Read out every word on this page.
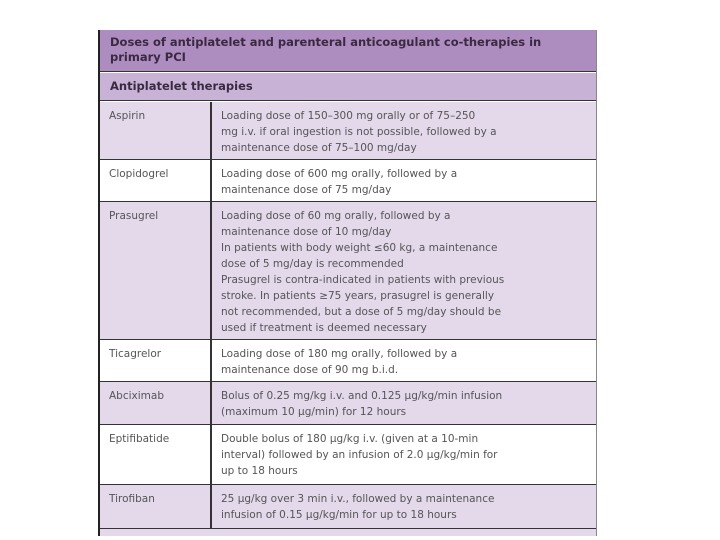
Doses of antiplatelet and parenteral anticoagulant co-therapies in primary PCI
Antiplatelet therapies
Aspirin	Loading dose of 150–300 mg orally or of 75–250
mg i.v. if oral ingestion is not possible, followed by a
maintenance dose of 75–100 mg/day
Clopidogrel	Loading dose of 600 mg orally, followed by a
maintenance dose of 75 mg/day
Prasugrel	Loading dose of 60 mg orally, followed by a
maintenance dose of 10 mg/day
In patients with body weight ≤60 kg, a maintenance
dose of 5 mg/day is recommended
Prasugrel is contra-indicated in patients with previous
stroke. In patients ≥75 years, prasugrel is generally
not recommended, but a dose of 5 mg/day should be
used if treatment is deemed necessary
Ticagrelor	Loading dose of 180 mg orally, followed by a
maintenance dose of 90 mg b.i.d.
Abciximab	Bolus of 0.25 mg/kg i.v. and 0.125 µg/kg/min infusion
(maximum 10 µg/min) for 12 hours
Eptifibatide	Double bolus of 180 µg/kg i.v. (given at a 10-min
interval) followed by an infusion of 2.0 µg/kg/min for
up to 18 hours
Tirofiban	25 µg/kg over 3 min i.v., followed by a maintenance
infusion of 0.15 µg/kg/min for up to 18 hours
